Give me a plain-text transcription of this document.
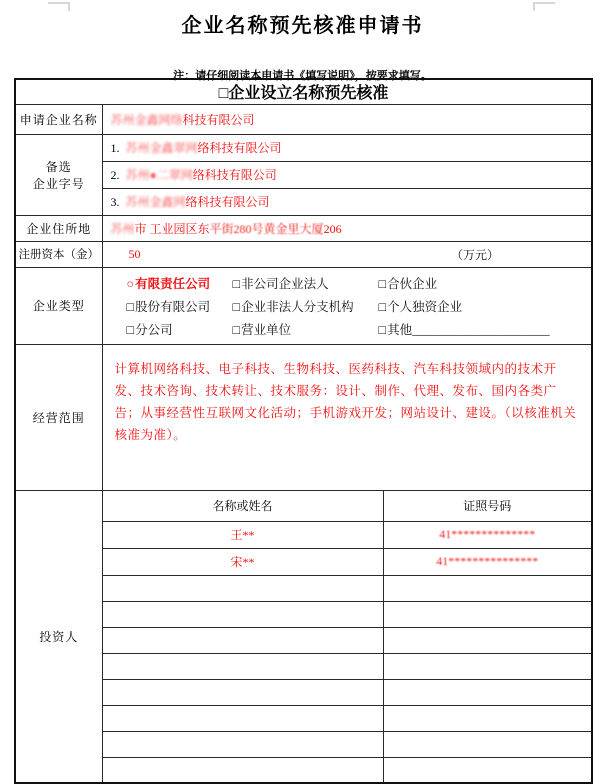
企业名称预先核准申请书
注：请仔细阅读本申请书《填写说明》，按要求填写。
□企业设立名称预先核准		
申请企业名称	苏州金鑫网络科技有限公司	

备选
企业字号	1. 苏州金鑫翠网络科技有限公司	
	2. 苏州●二翠网络科技有限公司	
	3. 苏州金鑫网络科技有限公司	
企业住所地	苏州市 工业园区东平街280号黄金里大厦206	
注册资本（金）	50 （万元）	

企业类型	
○有限责任公司	□非公司企业法人	□合伙企业
□股份有限公司	□企业非法人分支机构	□个人独资企业
□分公司	□营业单位	□其他______________________

经营范围	计算机网络科技、电子科技、生物科技、医药科技、汽车科技领域内的技术开发、技术咨询、技术转让、技术服务：设计、制作、代理、发布、国内各类广告；从事经营性互联网文化活动；手机游戏开发；网站设计、建设。（以核准机关核准为准）。	

投资人	名称或姓名	证照号码
	王**	41**************
	宋**	41***************
